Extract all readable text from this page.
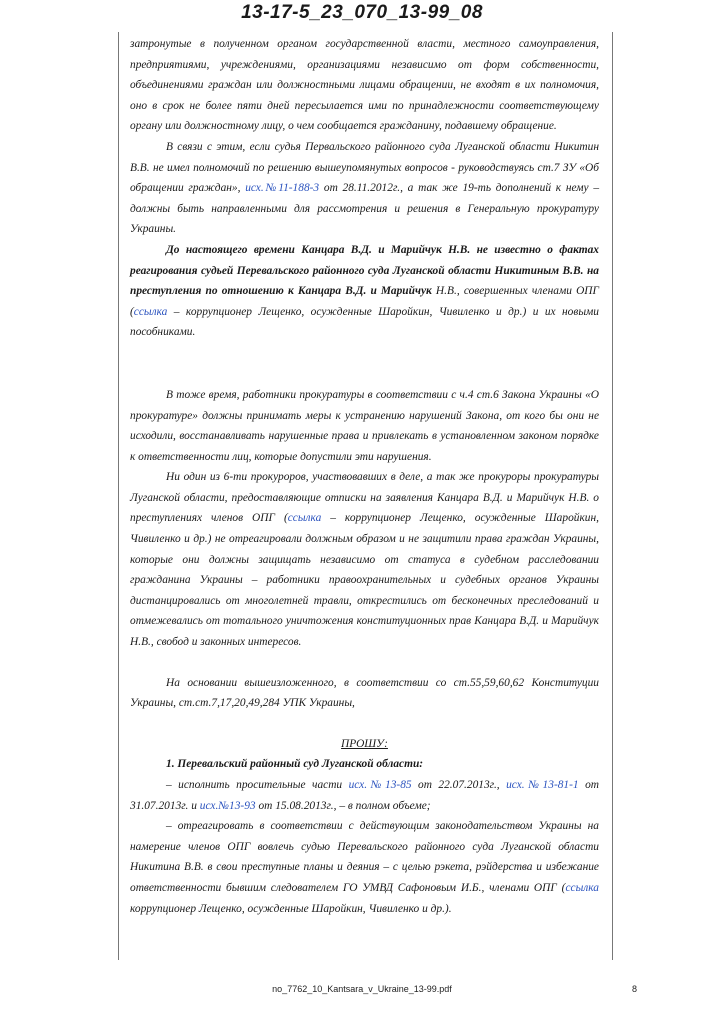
13-17-5_23_070_13-99_08

затронутые в полученном органом государственной власти, местного самоуправления, предприятиями, учреждениями, организациями независимо от форм собственности, объединениями граждан или должностными лицами обращении, не входят в их полномочия, оно в срок не более пяти дней пересылается ими по принадлежности соответствующему органу или должностному лицу, о чем сообщается гражданину, подавшему обращение.

В связи с этим, если судья Первальского районного суда Луганской области Никитин В.В. не имел полномочий по решению вышеупомянутых вопросов - руководствуясь ст.7 ЗУ «Об обращении граждан», исх.№11-188-3 от 28.11.2012г., а так же 19-ть дополнений к нему – должны быть направленными для рассмотрения и решения в Генеральную прокуратуру Украины.

До настоящего времени Канцара В.Д. и Марийчук Н.В. не известно о фактах реагирования судьей Перевальского районного суда Луганской области Никитиным В.В. на преступления по отношению к Канцара В.Д. и Марийчук Н.В., совершенных членами ОПГ (ссылка – коррупционер Лещенко, осужденные Шаройкин, Чивиленко и др.) и их новыми пособниками.

В тоже время, работники прокуратуры в соответствии с ч.4 ст.6 Закона Украины «О прокуратуре» должны принимать меры к устранению нарушений Закона, от кого бы они не исходили, восстанавливать нарушенные права и привлекать в установленном законом порядке к ответственности лиц, которые допустили эти нарушения.

Ни один из 6-ти прокуроров, участвовавших в деле, а так же прокуроры прокуратуры Луганской области, предоставляющие отписки на заявления Канцара В.Д. и Марийчук Н.В. о преступлениях членов ОПГ (ссылка – коррупционер Лещенко, осужденные Шаройкин, Чивиленко и др.) не отреагировали должным образом и не защитили права граждан Украины, которые они должны защищать независимо от статуса в судебном расследовании гражданина Украины – работники правоохранительных и судебных органов Украины дистанцировались от многолетней травли, открестились от бесконечных преследований и отмежевались от тотального уничтожения конституционных прав Канцара В.Д. и Марийчук Н.В., свобод и законных интересов.

На основании вышеизложенного, в соответствии со ст.55,59,60,62 Конституции Украины, ст.ст.7,17,20,49,284 УПК Украины,

ПРОШУ:

1. Перевальский районный суд Луганской области:

– исполнить просительные части исх.№13-85 от 22.07.2013г., исх.№13-81-1 от 31.07.2013г. и исх.№13-93 от 15.08.2013г., – в полном объеме;

– отреагировать в соответствии с действующим законодательством Украины на намерение членов ОПГ вовлечь судью Перевальского районного суда Луганской области Никитина В.В. в свои преступные планы и деяния – с целью рэкета, рэйдерства и избежание ответственности бывшим следователем ГО УМВД Сафоновым И.Б., членами ОПГ (ссылка коррупционер Лещенко, осужденные Шаройкин, Чивиленко и др.).

no_7762_10_Kantsara_v_Ukraine_13-99.pdf	8
